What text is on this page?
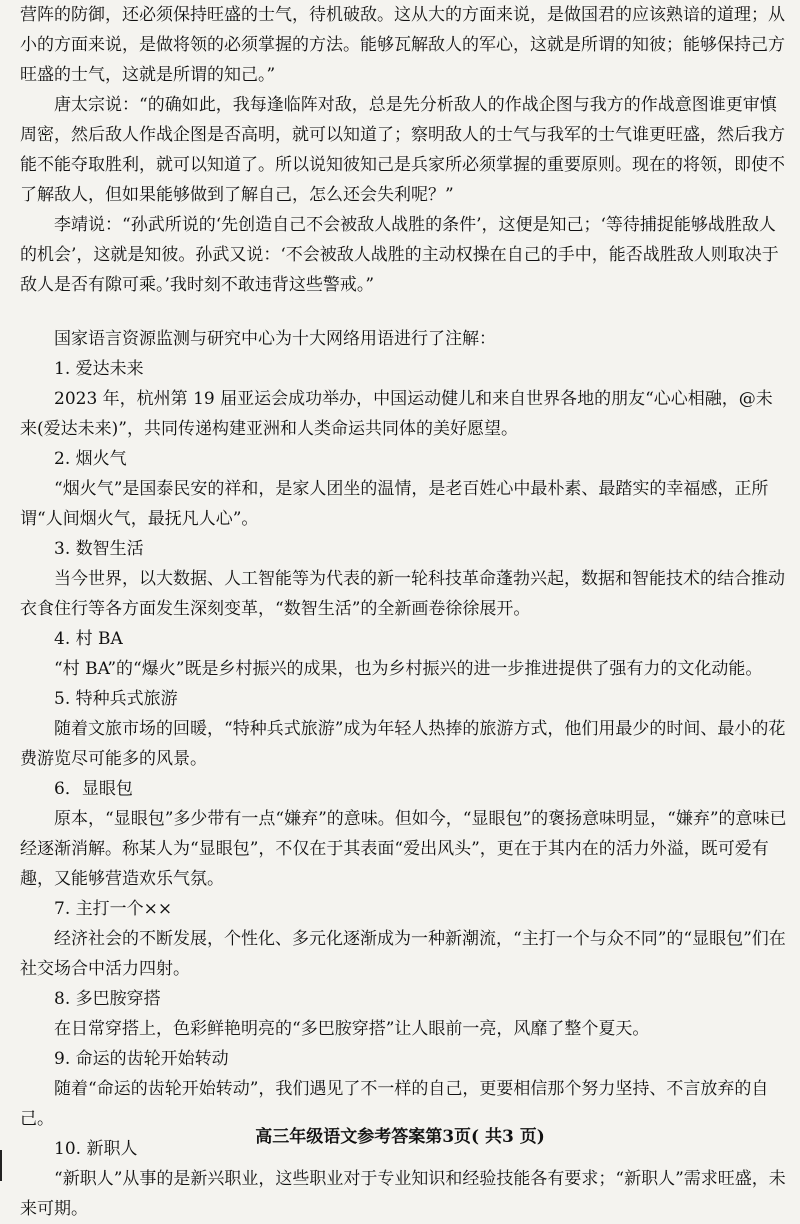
营阵的防御，还必须保持旺盛的士气，待机破敌。这从大的方面来说，是做国君的应该熟谙的道理；从小的方面来说，是做将领的必须掌握的方法。能够瓦解敌人的军心，这就是所谓的知彼；能够保持己方旺盛的士气，这就是所谓的知己。”

唐太宗说：“的确如此，我每逢临阵对敌，总是先分析敌人的作战企图与我方的作战意图谁更审慎周密，然后敌人作战企图是否高明，就可以知道了；察明敌人的士气与我军的士气谁更旺盛，然后我方能不能夺取胜利，就可以知道了。所以说知彼知己是兵家所必须掌握的重要原则。现在的将领，即使不了解敌人，但如果能够做到了解自己，怎么还会失利呢？”

李靖说：“孙武所说的‘先创造自己不会被敌人战胜的条件’，这便是知己；‘等待捕捉能够战胜敌人的机会’，这就是知彼。孙武又说：‘不会被敌人战胜的主动权操在自己的手中，能否战胜敌人则取决于敌人是否有隙可乘。’我时刻不敢违背这些警戒。”

国家语言资源监测与研究中心为十大网络用语进行了注解：

1. 爱达未来

2023 年，杭州第 19 届亚运会成功举办，中国运动健儿和来自世界各地的朋友“心心相融，@未来(爱达未来)”，共同传递构建亚洲和人类命运共同体的美好愿望。

2. 烟火气

“烟火气”是国泰民安的祥和，是家人团坐的温情，是老百姓心中最朴素、最踏实的幸福感，正所谓“人间烟火气，最抚凡人心”。

3. 数智生活

当今世界，以大数据、人工智能等为代表的新一轮科技革命蓬勃兴起，数据和智能技术的结合推动衣食住行等各方面发生深刻变革，“数智生活”的全新画卷徐徐展开。

4. 村 BA

“村 BA”的“爆火”既是乡村振兴的成果，也为乡村振兴的进一步推进提供了强有力的文化动能。

5. 特种兵式旅游

随着文旅市场的回暖，“特种兵式旅游”成为年轻人热捧的旅游方式，他们用最少的时间、最小的花费游览尽可能多的风景。

6．显眼包

原本，“显眼包”多少带有一点“嫌弃”的意味。但如今，“显眼包”的褒扬意味明显，“嫌弃”的意味已经逐渐消解。称某人为“显眼包”，不仅在于其表面“爱出风头”，更在于其内在的活力外溢，既可爱有趣，又能够营造欢乐气氛。

7. 主打一个××

经济社会的不断发展，个性化、多元化逐渐成为一种新潮流，“主打一个与众不同”的“显眼包”们在社交场合中活力四射。

8. 多巴胺穿搭

在日常穿搭上，色彩鲜艳明亮的“多巴胺穿搭”让人眼前一亮，风靡了整个夏天。

9. 命运的齿轮开始转动

随着“命运的齿轮开始转动”，我们遇见了不一样的自己，更要相信那个努力坚持、不言放弃的自己。

10. 新职人

“新职人”从事的是新兴职业，这些职业对于专业知识和经验技能各有要求；“新职人”需求旺盛，未来可期。

高三年级语文参考答案第3页( 共3 页)
